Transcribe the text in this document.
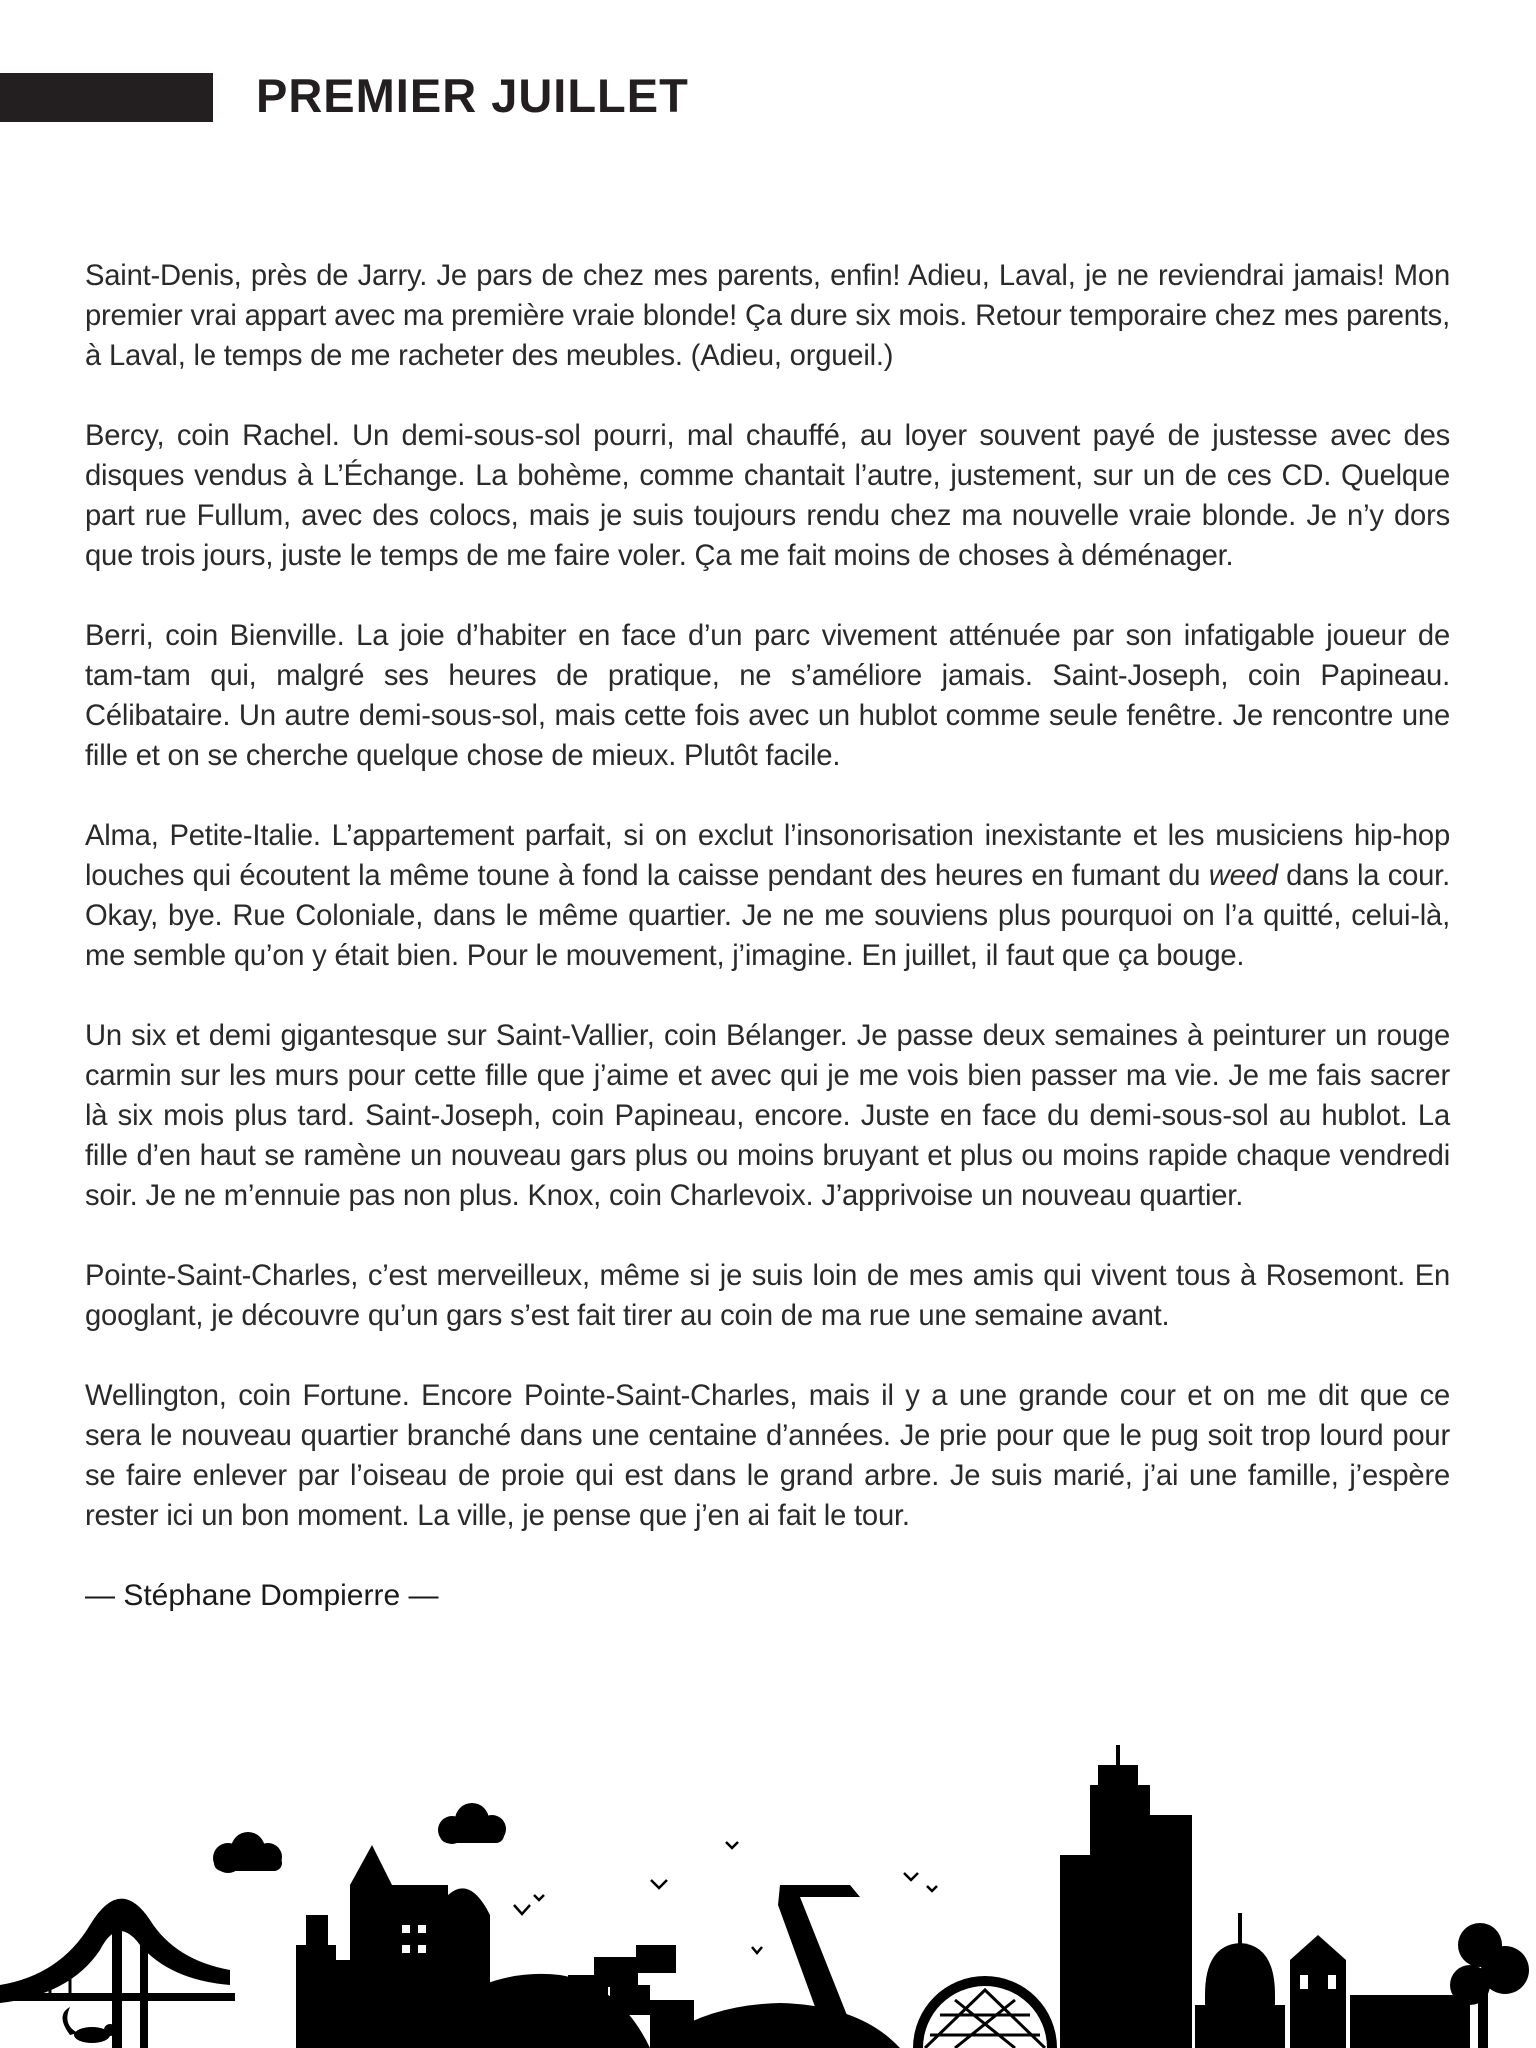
PREMIER JUILLET

Saint-Denis, près de Jarry. Je pars de chez mes parents, enfin! Adieu, Laval, je ne reviendrai jamais! Mon premier vrai appart avec ma première vraie blonde! Ça dure six mois. Retour temporaire chez mes parents, à Laval, le temps de me racheter des meubles. (Adieu, orgueil.)

Bercy, coin Rachel. Un demi-sous-sol pourri, mal chauffé, au loyer souvent payé de justesse avec des disques vendus à L’Échange. La bohème, comme chantait l’autre, justement, sur un de ces CD. Quelque part rue Fullum, avec des colocs, mais je suis toujours rendu chez ma nouvelle vraie blonde. Je n’y dors que trois jours, juste le temps de me faire voler. Ça me fait moins de choses à déménager.

Berri, coin Bienville. La joie d’habiter en face d’un parc vivement atténuée par son infatigable joueur de tam-tam qui, malgré ses heures de pratique, ne s’améliore jamais. Saint-Joseph, coin Papineau. Célibataire. Un autre demi-sous-sol, mais cette fois avec un hublot comme seule fenêtre. Je rencontre une fille et on se cherche quelque chose de mieux. Plutôt facile.

Alma, Petite-Italie. L’appartement parfait, si on exclut l’insonorisation inexistante et les musiciens hip-hop louches qui écoutent la même toune à fond la caisse pendant des heures en fumant du weed dans la cour. Okay, bye. Rue Coloniale, dans le même quartier. Je ne me souviens plus pourquoi on l’a quitté, celui-là, me semble qu’on y était bien. Pour le mouvement, j’imagine. En juillet, il faut que ça bouge.

Un six et demi gigantesque sur Saint-Vallier, coin Bélanger. Je passe deux semaines à peinturer un rouge carmin sur les murs pour cette fille que j’aime et avec qui je me vois bien passer ma vie. Je me fais sacrer là six mois plus tard. Saint-Joseph, coin Papineau, encore. Juste en face du demi-sous-sol au hublot. La fille d’en haut se ramène un nouveau gars plus ou moins bruyant et plus ou moins rapide chaque vendredi soir. Je ne m’ennuie pas non plus. Knox, coin Charlevoix. J’apprivoise un nouveau quartier.

Pointe-Saint-Charles, c’est merveilleux, même si je suis loin de mes amis qui vivent tous à Rosemont. En googlant, je découvre qu’un gars s’est fait tirer au coin de ma rue une semaine avant.

Wellington, coin Fortune. Encore Pointe-Saint-Charles, mais il y a une grande cour et on me dit que ce sera le nouveau quartier branché dans une centaine d’années. Je prie pour que le pug soit trop lourd pour se faire enlever par l’oiseau de proie qui est dans le grand arbre. Je suis marié, j’ai une famille, j’espère rester ici un bon moment. La ville, je pense que j’en ai fait le tour.

— Stéphane Dompierre —
